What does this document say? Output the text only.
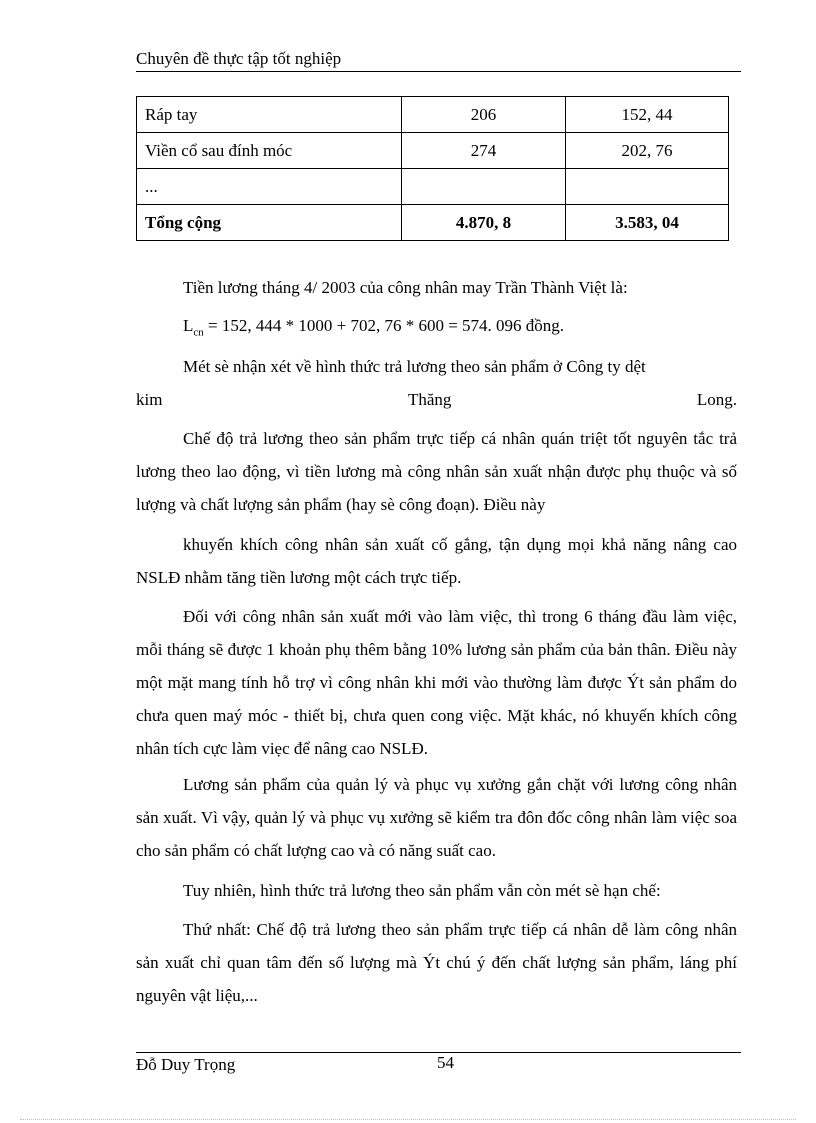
Chuyên đề thực tập tốt nghiệp
Ráp tay	206	152, 44
Viền cổ sau đính móc	274	202, 76
...		
Tổng cộng	4.870, 8	3.583, 04

Tiền lương tháng 4/ 2003 của công nhân may Trần Thành Việt là:

$L_{cn} = 152$, 444 * 1000 + 702, 76 * 600 = 574. 096 đồng.

Mét sè nhận xét về hình thức trả lương theo sản phẩm ở Công ty dệt

kim	Thăng	Long.

Chế độ trả lương theo sản phẩm trực tiếp cá nhân quán triệt tốt nguyên tắc trả lương theo lao động, vì tiền lương mà công nhân sản xuất nhận được phụ thuộc và số lượng và chất lượng sản phẩm (hay sè công đoạn). Điều này

khuyến khích công nhân sản xuất cố gắng, tận dụng mọi khả năng nâng cao NSLĐ nhằm tăng tiền lương một cách trực tiếp.

Đối với công nhân sản xuất mới vào làm việc, thì trong 6 tháng đầu làm việc, mỗi tháng sẽ được 1 khoản phụ thêm bằng 10% lương sản phẩm của bản thân. Điều này một mặt mang tính hỗ trợ vì công nhân khi mới vào thường làm được Ýt sản phẩm do chưa quen maý móc - thiết bị, chưa quen cong việc. Mặt khác, nó khuyến khích công nhân tích cực làm viẹc để nâng cao NSLĐ.

Lương sản phẩm của quản lý và phục vụ xưởng gắn chặt với lương công nhân sản xuất. Vì vậy, quản lý và phục vụ xưởng sẽ kiểm tra đôn đốc công nhân làm việc soa cho sản phẩm có chất lượng cao và có năng suất cao.

Tuy nhiên, hình thức trả lương theo sản phẩm vẫn còn mét sè hạn chế:

Thứ nhất: Chế độ trả lương theo sản phẩm trực tiếp cá nhân dễ làm công nhân sản xuất chỉ quan tâm đến số lượng mà Ýt chú ý đến chất lượng sản phẩm, láng phí nguyên vật liệu,...

Đỗ Duy Trọng	54
